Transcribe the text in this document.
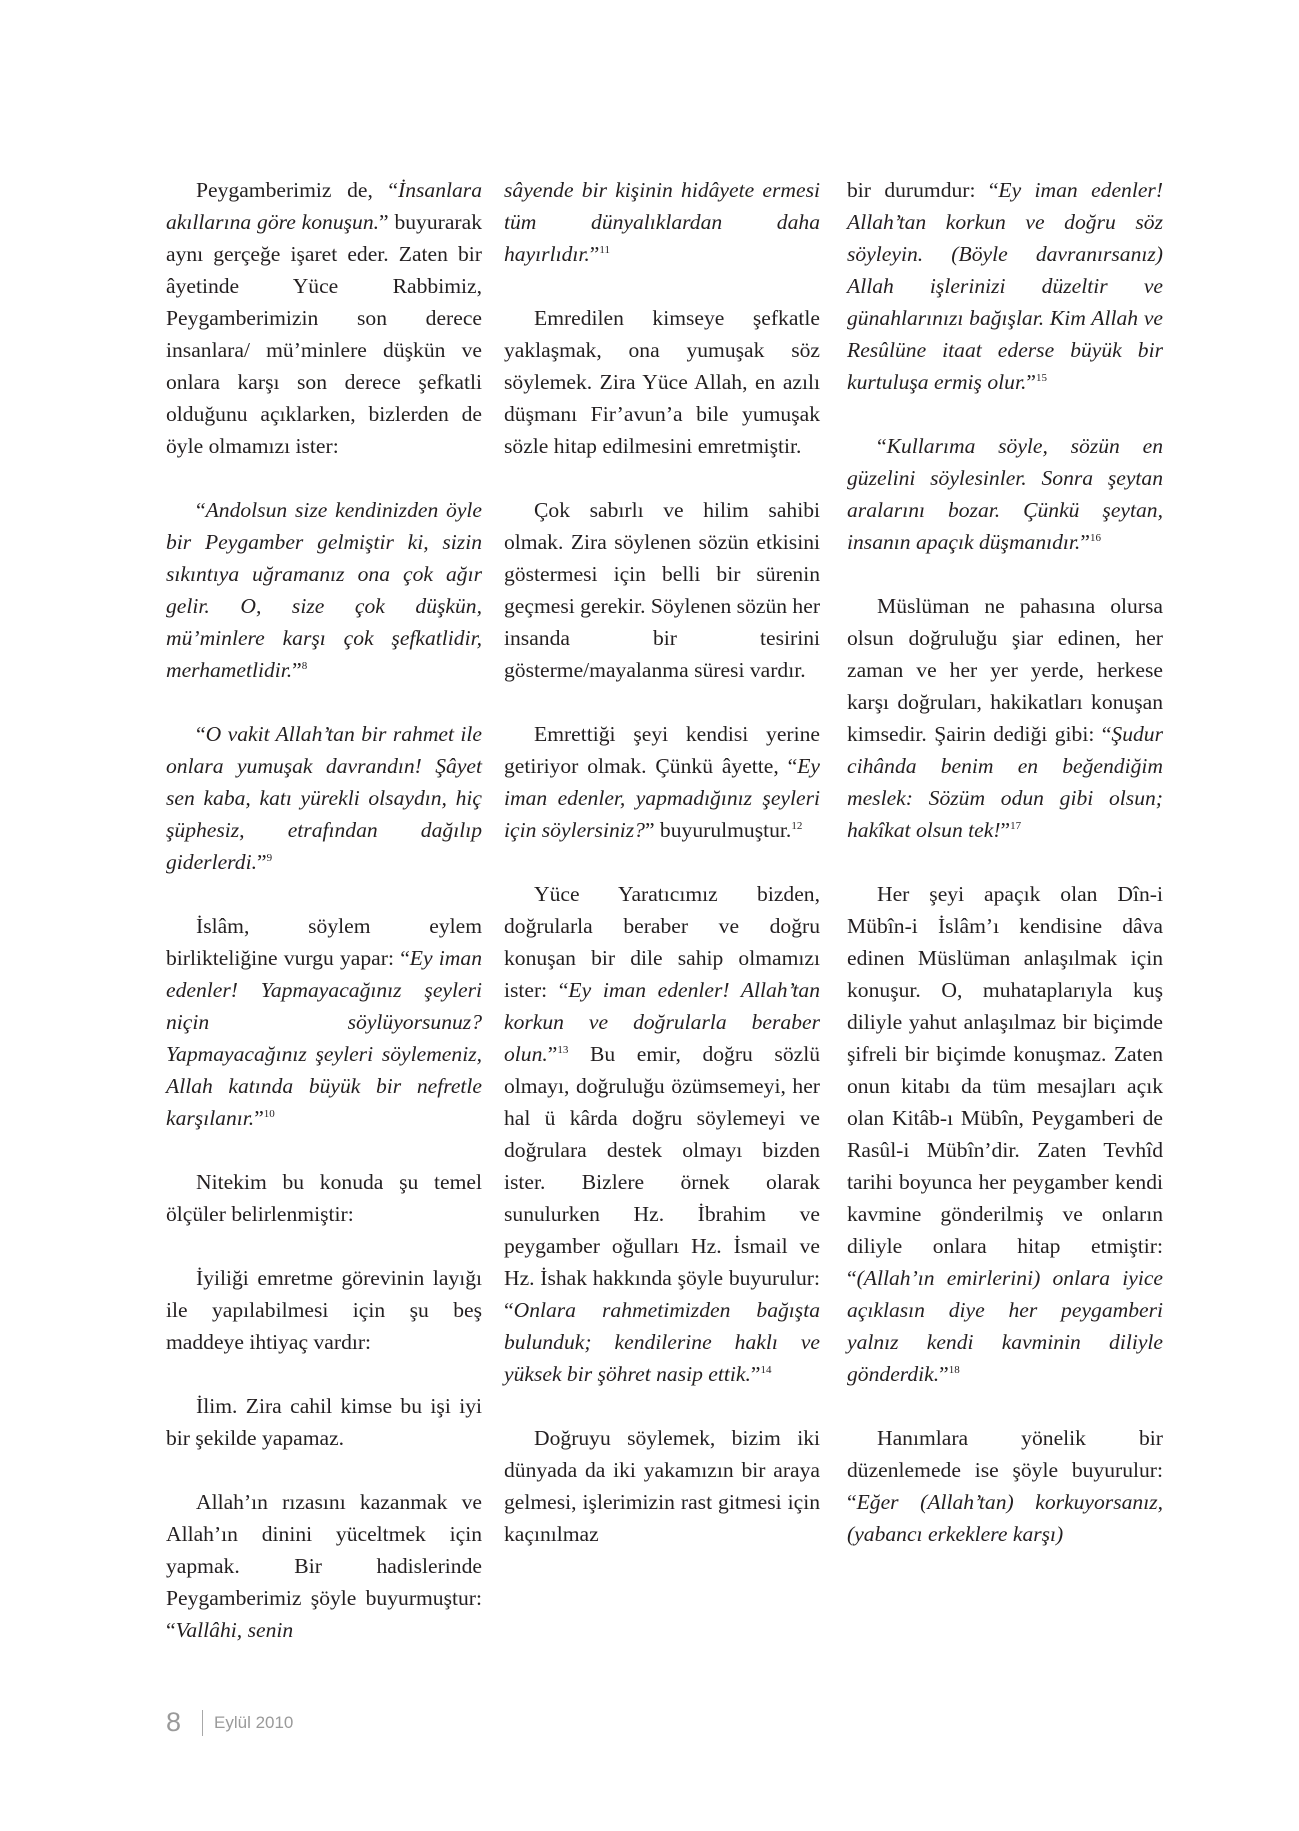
Peygamberimiz de, “İnsanlara akıllarına göre konuşun.” buyurarak aynı gerçeğe işaret eder. Zaten bir âyetinde Yüce Rabbimiz, Peygamberimizin son derece insanlara/ mü’minlere düşkün ve onlara karşı son derece şefkatli olduğunu açıklarken, bizlerden de öyle olmamızı ister:

“Andolsun size kendinizden öyle bir Peygamber gelmiştir ki, sizin sıkıntıya uğramanız ona çok ağır gelir. O, size çok düşkün, mü’minlere karşı çok şefkatlidir, merhametlidir.”$^8$

“O vakit Allah’tan bir rahmet ile onlara yumuşak davrandın! Şâyet sen kaba, katı yürekli olsaydın, hiç şüphesiz, etrafından dağılıp giderlerdi.”$^9$

İslâm, söylem eylem birlikteliğine vurgu yapar: “Ey iman edenler! Yapmayacağınız şeyleri niçin söylüyorsunuz? Yapmayacağınız şeyleri söylemeniz, Allah katında büyük bir nefretle karşılanır.”$^{10}$

Nitekim bu konuda şu temel ölçüler belirlenmiştir:

İyiliği emretme görevinin layığı ile yapılabilmesi için şu beş maddeye ihtiyaç vardır:

İlim. Zira cahil kimse bu işi iyi bir şekilde yapamaz.

Allah’ın rızasını kazanmak ve Allah’ın dinini yüceltmek için yapmak. Bir hadislerinde Peygamberimiz şöyle buyurmuştur: “Vallâhi, senin

sâyende bir kişinin hidâyete ermesi tüm dünyalıklardan daha hayırlıdır.”$^{11}$

Emredilen kimseye şefkatle yaklaşmak, ona yumuşak söz söylemek. Zira Yüce Allah, en azılı düşmanı Fir’avun’a bile yumuşak sözle hitap edilmesini emretmiştir.

Çok sabırlı ve hilim sahibi olmak. Zira söylenen sözün etkisini göstermesi için belli bir sürenin geçmesi gerekir. Söylenen sözün her insanda bir tesirini gösterme/mayalanma süresi vardır.

Emrettiği şeyi kendisi yerine getiriyor olmak. Çünkü âyette, “Ey iman edenler, yapmadığınız şeyleri için söylersiniz?” buyurulmuştur.$^{12}$

Yüce Yaratıcımız bizden, doğrularla beraber ve doğru konuşan bir dile sahip olmamızı ister: “Ey iman edenler! Allah’tan korkun ve doğrularla beraber olun.”$^{13}$ Bu emir, doğru sözlü olmayı, doğruluğu özümsemeyi, her hal ü kârda doğru söylemeyi ve doğrulara destek olmayı bizden ister. Bizlere örnek olarak sunulurken Hz. İbrahim ve peygamber oğulları Hz. İsmail ve Hz. İshak hakkında şöyle buyurulur: “Onlara rahmetimizden bağışta bulunduk; kendilerine haklı ve yüksek bir şöhret nasip ettik.”$^{14}$

Doğruyu söylemek, bizim iki dünyada da iki yakamızın bir araya gelmesi, işlerimizin rast gitmesi için kaçınılmaz

bir durumdur: “Ey iman edenler! Allah’tan korkun ve doğru söz söyleyin. (Böyle davranırsanız) Allah işlerinizi düzeltir ve günahlarınızı bağışlar. Kim Allah ve Resûlüne itaat ederse büyük bir kurtuluşa ermiş olur.”$^{15}$

“Kullarıma söyle, sözün en güzelini söylesinler. Sonra şeytan aralarını bozar. Çünkü şeytan, insanın apaçık düşmanıdır.”$^{16}$

Müslüman ne pahasına olursa olsun doğruluğu şiar edinen, her zaman ve her yer yerde, herkese karşı doğruları, hakikatları konuşan kimsedir. Şairin dediği gibi: “Şudur cihânda benim en beğendiğim meslek: Sözüm odun gibi olsun; hakîkat olsun tek!”$^{17}$

Her şeyi apaçık olan Dîn-i Mübîn-i İslâm’ı kendisine dâva edinen Müslüman anlaşılmak için konuşur. O, muhataplarıyla kuş diliyle yahut anlaşılmaz bir biçimde şifreli bir biçimde konuşmaz. Zaten onun kitabı da tüm mesajları açık olan Kitâb-ı Mübîn, Peygamberi de Rasûl-i Mübîn’dir. Zaten Tevhîd tarihi boyunca her peygamber kendi kavmine gönderilmiş ve onların diliyle onlara hitap etmiştir: “(Allah’ın emirlerini) onlara iyice açıklasın diye her peygamberi yalnız kendi kavminin diliyle gönderdik.”$^{18}$

Hanımlara yönelik bir düzenlemede ise şöyle buyurulur: “Eğer (Allah’tan) korkuyorsanız, (yabancı erkeklere karşı)

8 Eylül 2010
